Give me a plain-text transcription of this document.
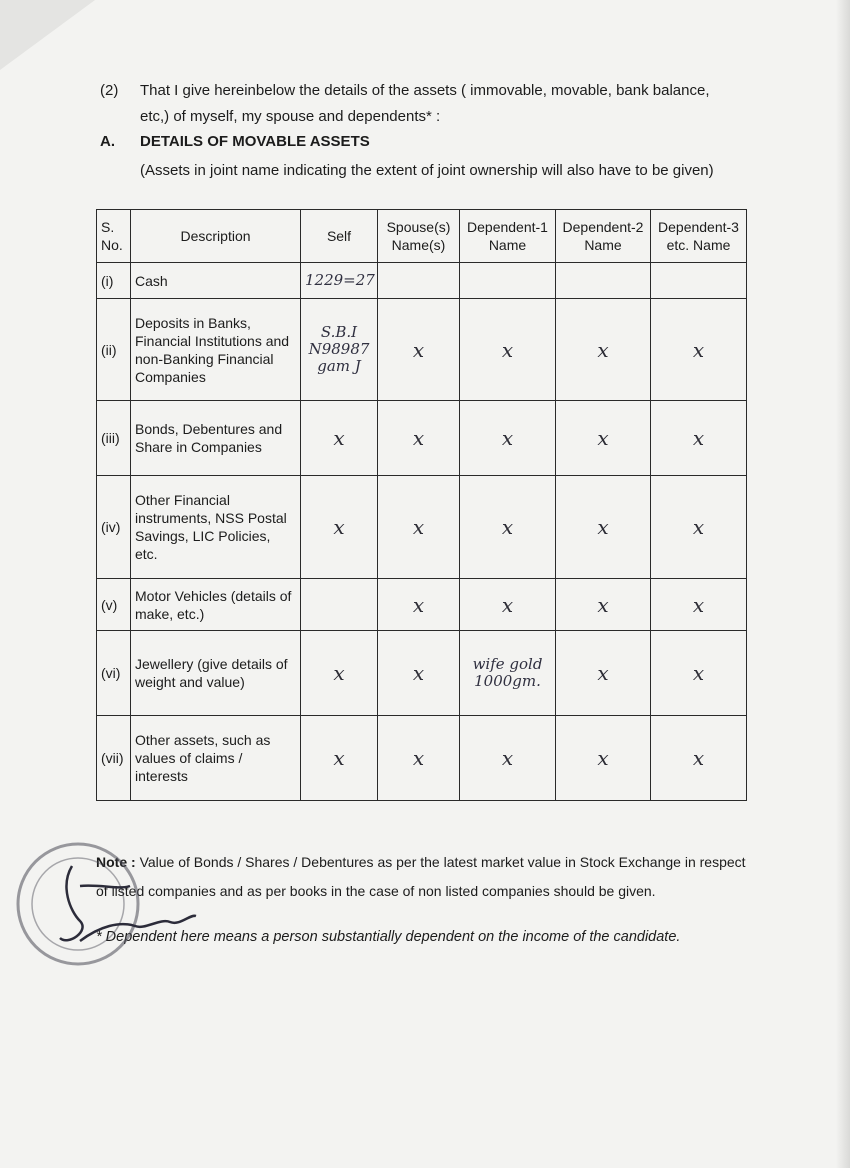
(2) That I give hereinbelow the details of the assets ( immovable, movable, bank balance, etc,) of myself, my spouse and dependents* :
A. DETAILS OF MOVABLE ASSETS
(Assets in joint name indicating the extent of joint ownership will also have to be given)
S. No.	Description	Self	Spouse(s) Name(s)	Dependent-1 Name	Dependent-2 Name	Dependent-3 etc. Name
(i)	Cash	1229=27				
(ii)	Deposits in Banks, Financial Institutions and non-Banking Financial Companies	S.B.I N98987 gam J	x	x	x	x
(iii)	Bonds, Debentures and Share in Companies	x	x	x	x	x
(iv)	Other Financial instruments, NSS Postal Savings, LIC Policies, etc.	x	x	x	x	x
(v)	Motor Vehicles (details of make, etc.)		x	x	x	x
(vi)	Jewellery (give details of weight and value)	x	x	wife gold 1000gm.	x	x
(vii)	Other assets, such as values of claims / interests	x	x	x	x	x
Note : Value of Bonds / Shares / Debentures as per the latest market value in Stock Exchange in respect of listed companies and as per books in the case of non listed companies should be given.
* Dependent here means a person substantially dependent on the income of the candidate.
